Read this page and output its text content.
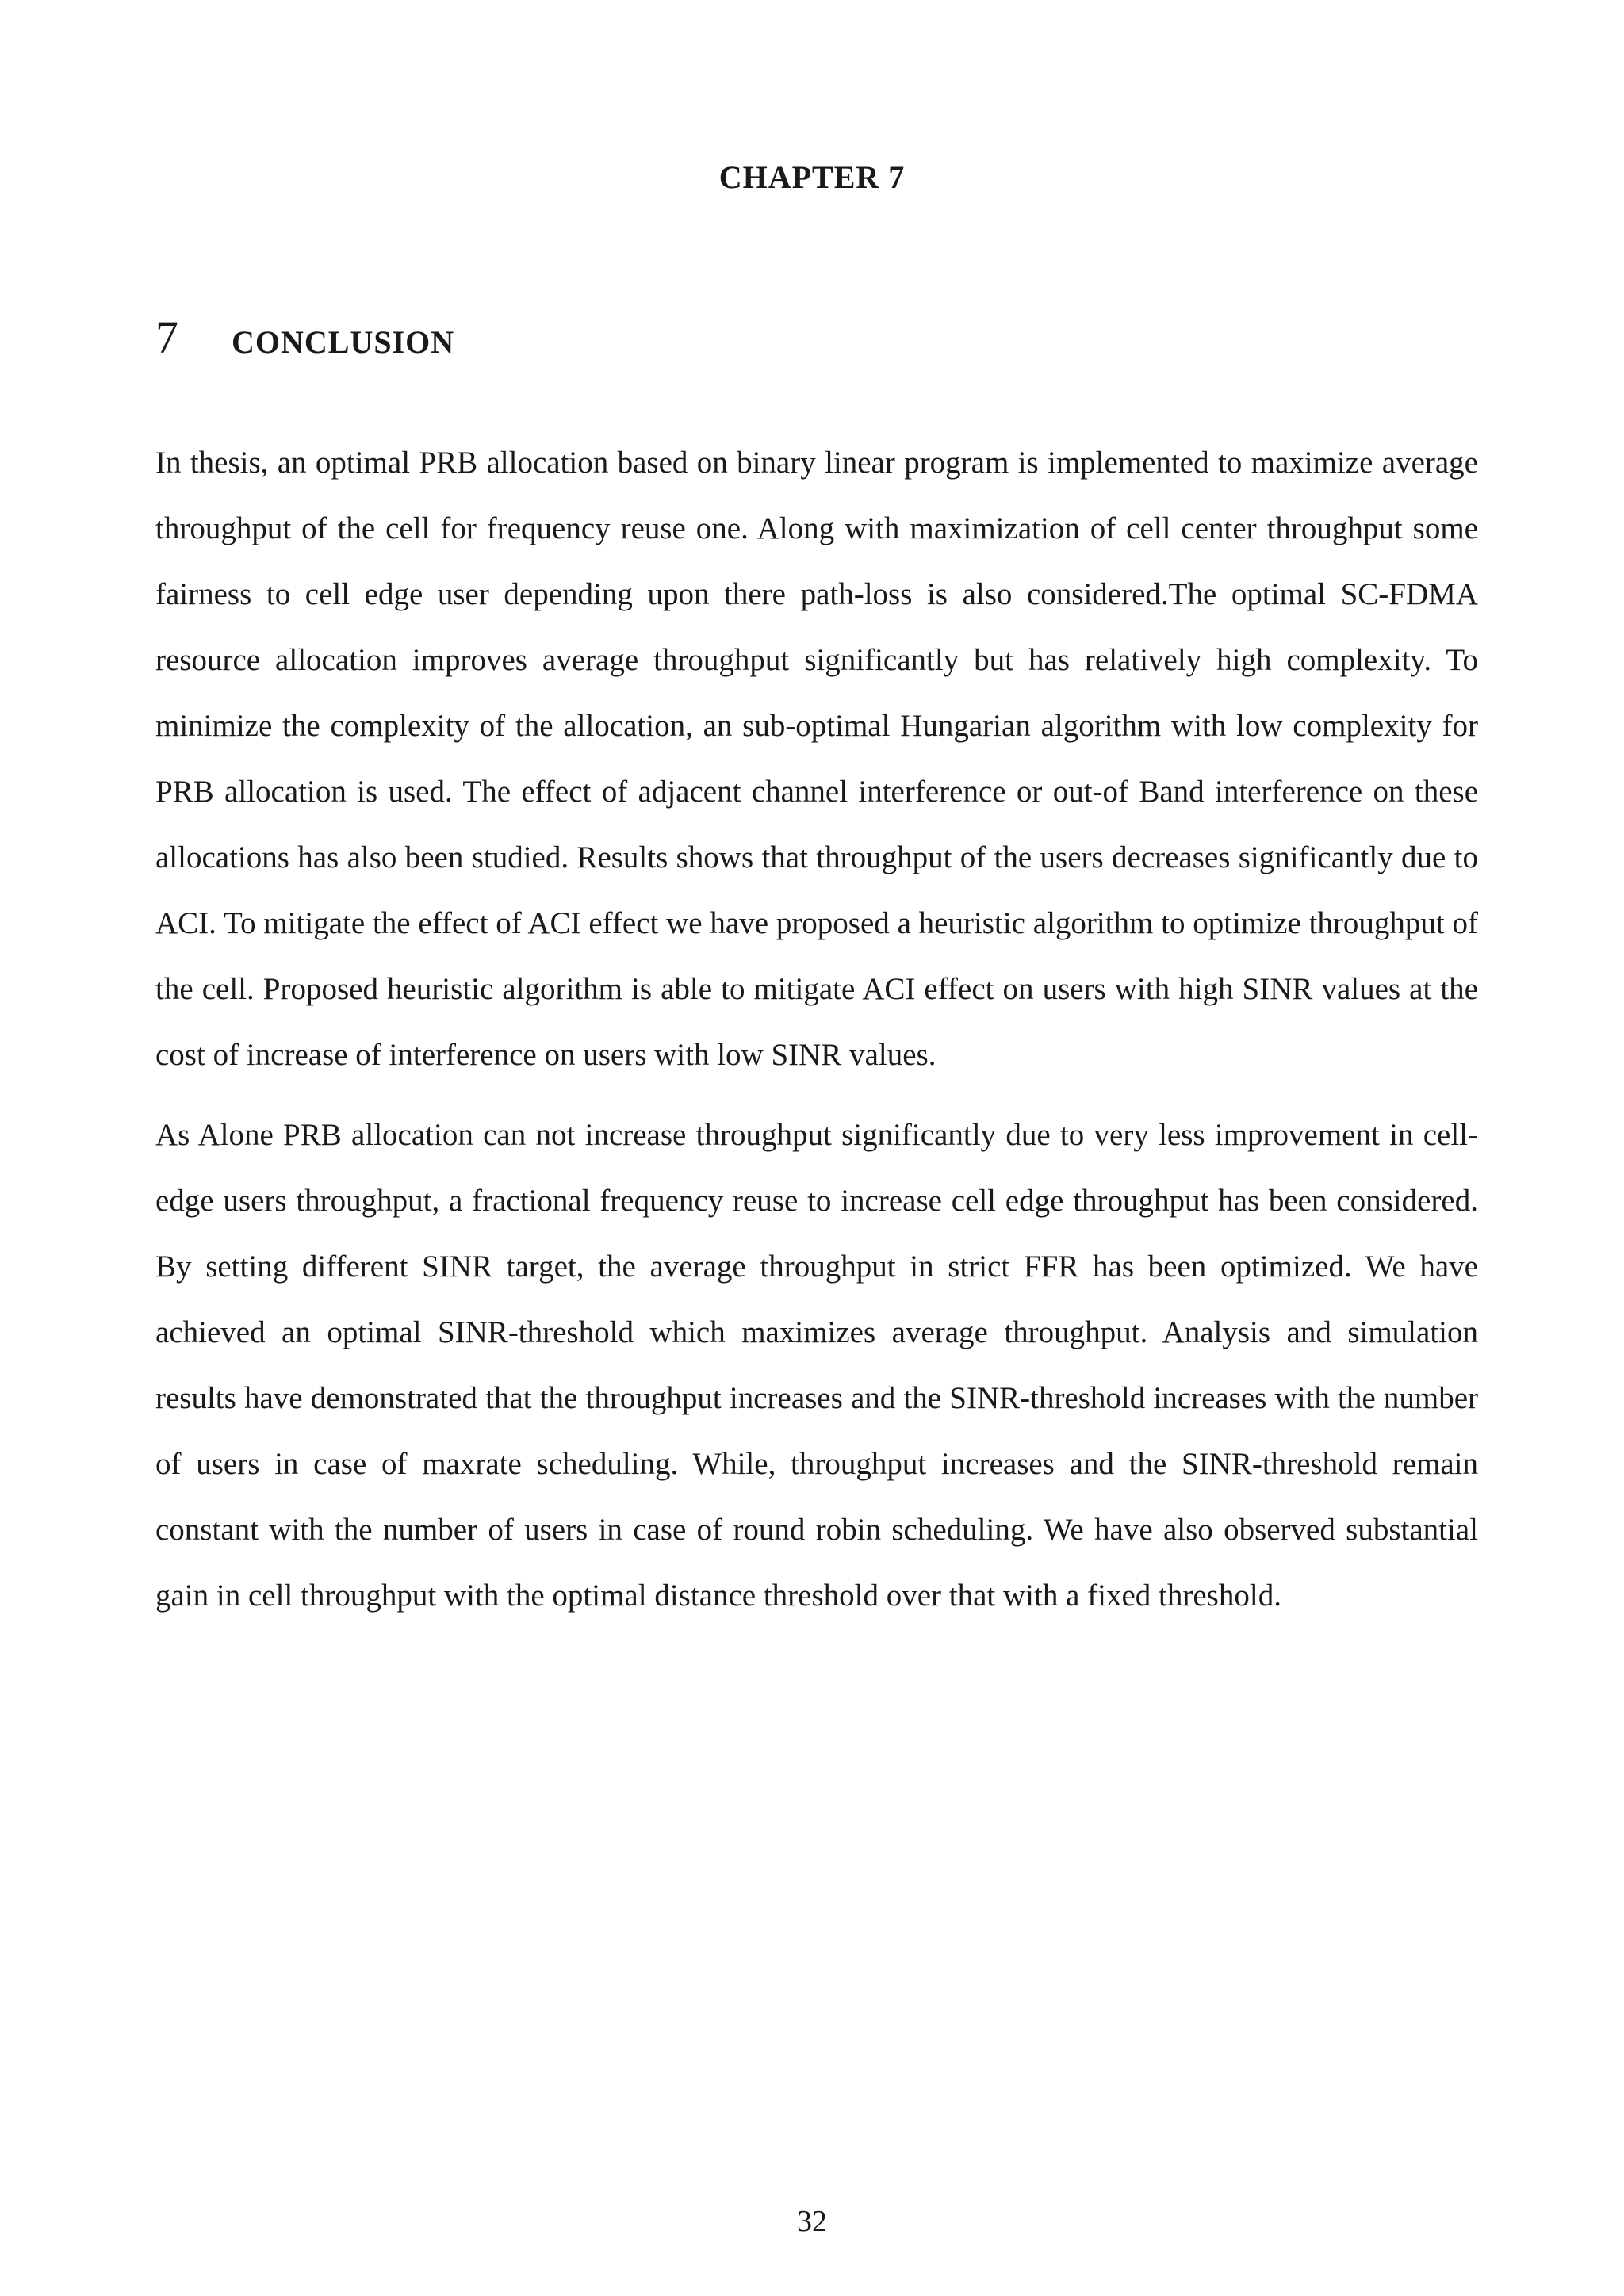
CHAPTER 7
7	CONCLUSION

In thesis, an optimal PRB allocation based on binary linear program is implemented to maximize average throughput of the cell for frequency reuse one. Along with maximization of cell center throughput some fairness to cell edge user depending upon there path-loss is also considered.The optimal SC-FDMA resource allocation improves average throughput significantly but has relatively high complexity. To minimize the complexity of the allocation, an sub-optimal Hungarian algorithm with low complexity for PRB allocation is used. The effect of adjacent channel interference or out-of Band interference on these allocations has also been studied. Results shows that throughput of the users decreases significantly due to ACI. To mitigate the effect of ACI effect we have proposed a heuristic algorithm to optimize throughput of the cell. Proposed heuristic algorithm is able to mitigate ACI effect on users with high SINR values at the cost of increase of interference on users with low SINR values.

As Alone PRB allocation can not increase throughput significantly due to very less improvement in cell-edge users throughput, a fractional frequency reuse to increase cell edge throughput has been considered. By setting different SINR target, the average throughput in strict FFR has been optimized. We have achieved an optimal SINR-threshold which maximizes average throughput. Analysis and simulation results have demonstrated that the throughput increases and the SINR-threshold increases with the number of users in case of maxrate scheduling. While, throughput increases and the SINR-threshold remain constant with the number of users in case of round robin scheduling. We have also observed substantial gain in cell throughput with the optimal distance threshold over that with a fixed threshold.

32
